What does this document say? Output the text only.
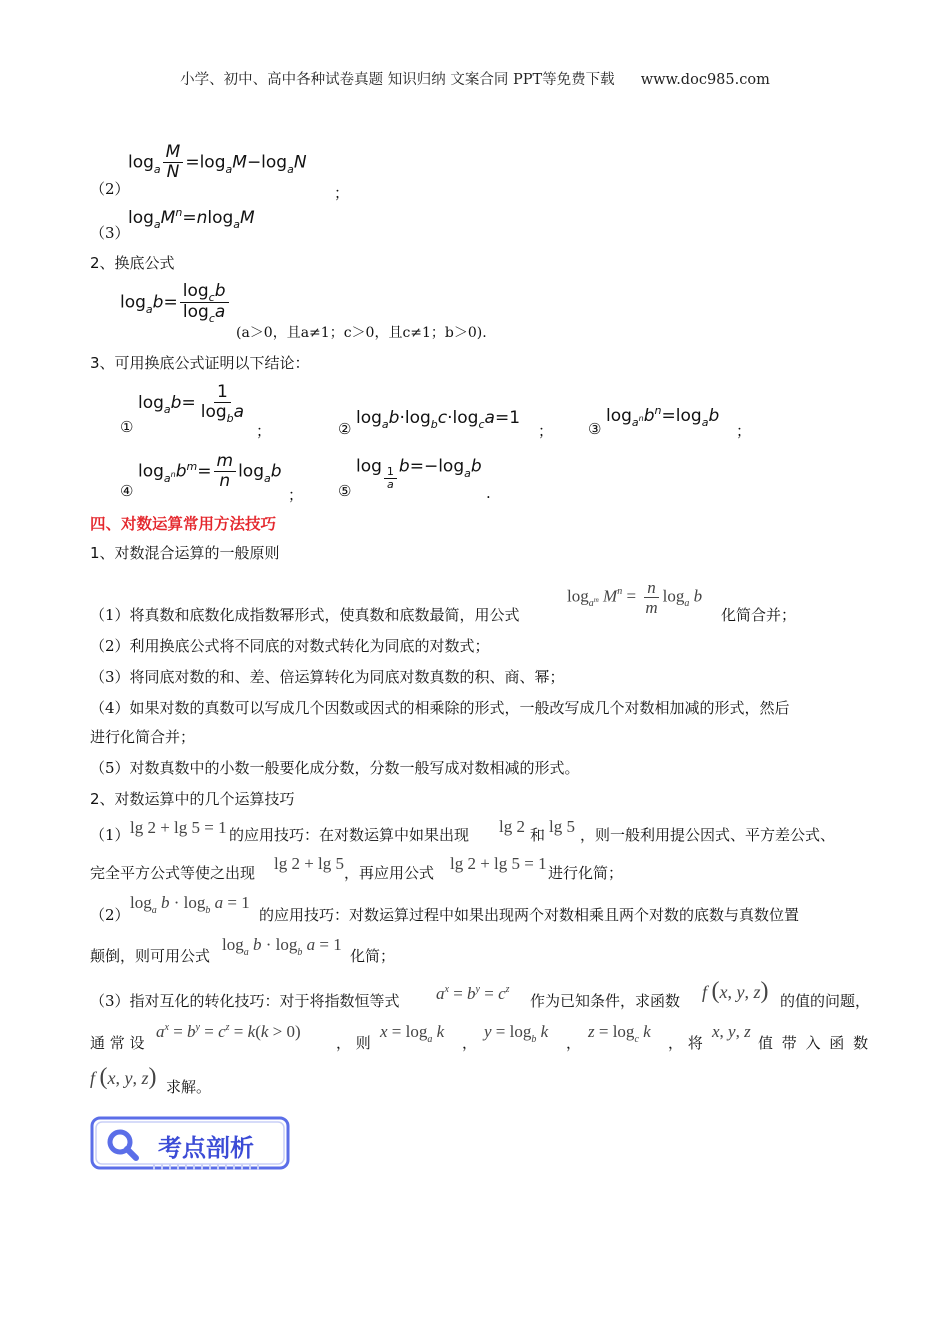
小学、初中、高中各种试卷真题 知识归纳 文案合同 PPT等免费下载 www.doc985.com
（2）
$\log_a \frac{M}{N} =\log_aM-\log_aN$
；
（3）
$\log_aM^n=nlog_aM$
2、换底公式
$\log_ab= \frac{\log_cb}{\log_ca}$
(a＞0，且a≠1；c＞0，且c≠1；b＞0).
3、可用换底公式证明以下结论：
①
$\log_ab= \frac{1}{\log_ba}$
；	②
$\log_ab\cdot\log_bc\cdot\log_ca=1$
； ③
$\log_{a^n}b^n=\log_ab$
；
④
$\log_{a^n}b^m= \frac{m}{n} \log_ab$
； ⑤
$\log \frac{1}{a} b=-\log_ab$
.
四、对数运算常用方法技巧
1、对数混合运算的一般原则
（1）将真数和底数化成指数幂形式，使真数和底数最简，用公式
$\log_{a^m} M^n = \frac{n}{m} \log_a b$
化简合并；
（2）利用换底公式将不同底的对数式转化为同底的对数式；
（3）将同底对数的和、差、倍运算转化为同底对数真数的积、商、幂；
（4）如果对数的真数可以写成几个因数或因式的相乘除的形式，一般改写成几个对数相加减的形式，然后
进行化简合并；
（5）对数真数中的小数一般要化成分数，分数一般写成对数相减的形式。
2、对数运算中的几个运算技巧
（1） lg 2 + lg 5 = 1 的应用技巧：在对数运算中如果出现 lg 2 和 lg 5 ，则一般利用提公因式、平方差公式、
完全平方公式等使之出现 lg 2 + lg 5 ，再应用公式 lg 2 + lg 5 = 1 进行化简；
（2）
$\log_a b \cdot \log_b a = 1$
的应用技巧：对数运算过程中如果出现两个对数相乘且两个对数的底数与真数位置
颠倒，则可用公式
$\log_a b \cdot \log_b a = 1$
化简；
（3）指对互化的转化技巧：对于将指数恒等式 $a^x = b^y = c^z$
作为已知条件，求函数 f (x, y, z) 的值的问题，
通 常 设
$a^x = b^y = c^z = k(k > 0)$
， 则
$x = \log_a k$
，
$y = \log_b k$
，
$z = \log_c k$
， 将
x, y, z
值 带 入 函 数
f (x, y, z) 求解。
考点剖析
